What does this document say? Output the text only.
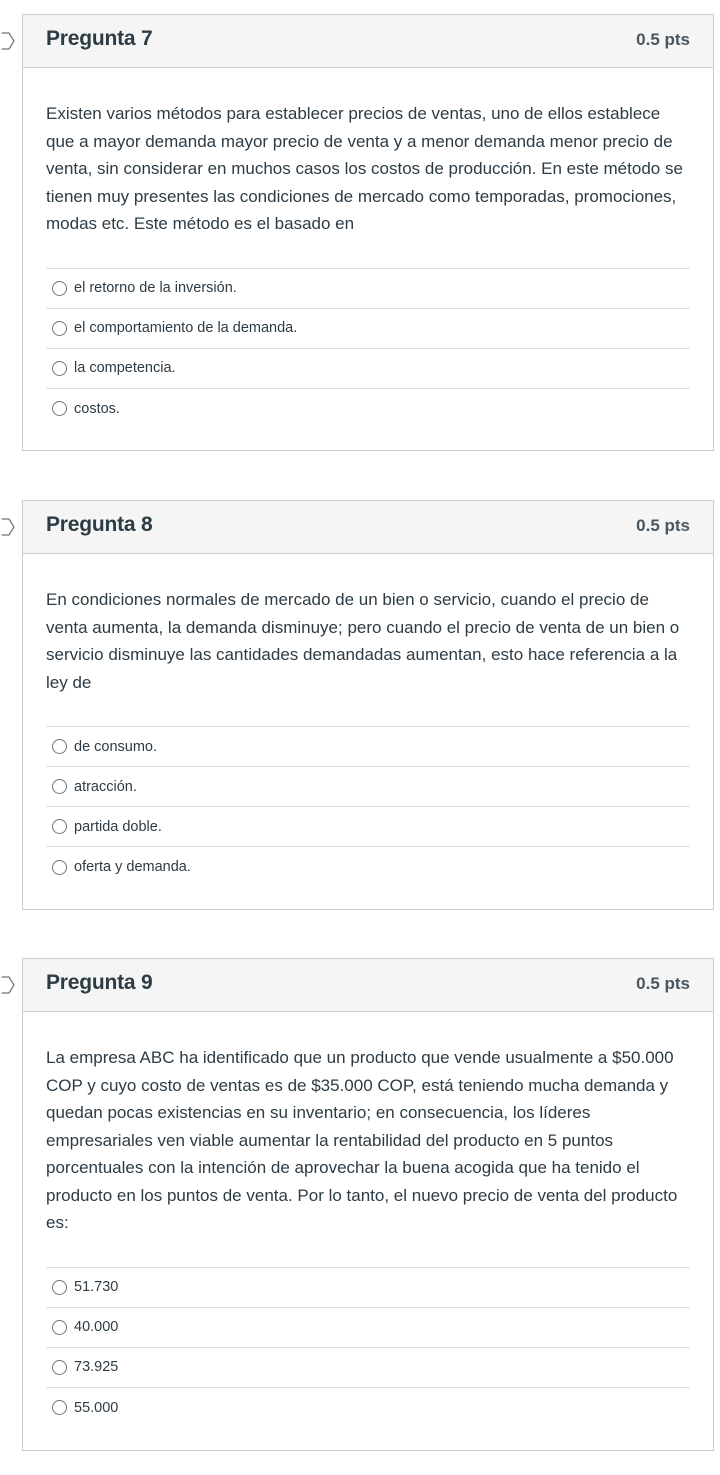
Pregunta 7	0.5 pts

Existen varios métodos para establecer precios de ventas, uno de ellos establece que a mayor demanda mayor precio de venta y a menor demanda menor precio de venta, sin considerar en muchos casos los costos de producción. En este método se tienen muy presentes las condiciones de mercado como temporadas, promociones, modas etc. Este método es el basado en

el retorno de la inversión.
el comportamiento de la demanda.
la competencia.
costos.
Pregunta 8	0.5 pts

En condiciones normales de mercado de un bien o servicio, cuando el precio de venta aumenta, la demanda disminuye; pero cuando el precio de venta de un bien o servicio disminuye las cantidades demandadas aumentan, esto hace referencia a la ley de

de consumo.
atracción.
partida doble.
oferta y demanda.
Pregunta 9	0.5 pts

La empresa ABC ha identificado que un producto que vende usualmente a $50.000 COP y cuyo costo de ventas es de $35.000 COP, está teniendo mucha demanda y quedan pocas existencias en su inventario; en consecuencia, los líderes empresariales ven viable aumentar la rentabilidad del producto en 5 puntos porcentuales con la intención de aprovechar la buena acogida que ha tenido el producto en los puntos de venta. Por lo tanto, el nuevo precio de venta del producto es:

51.730
40.000
73.925
55.000
